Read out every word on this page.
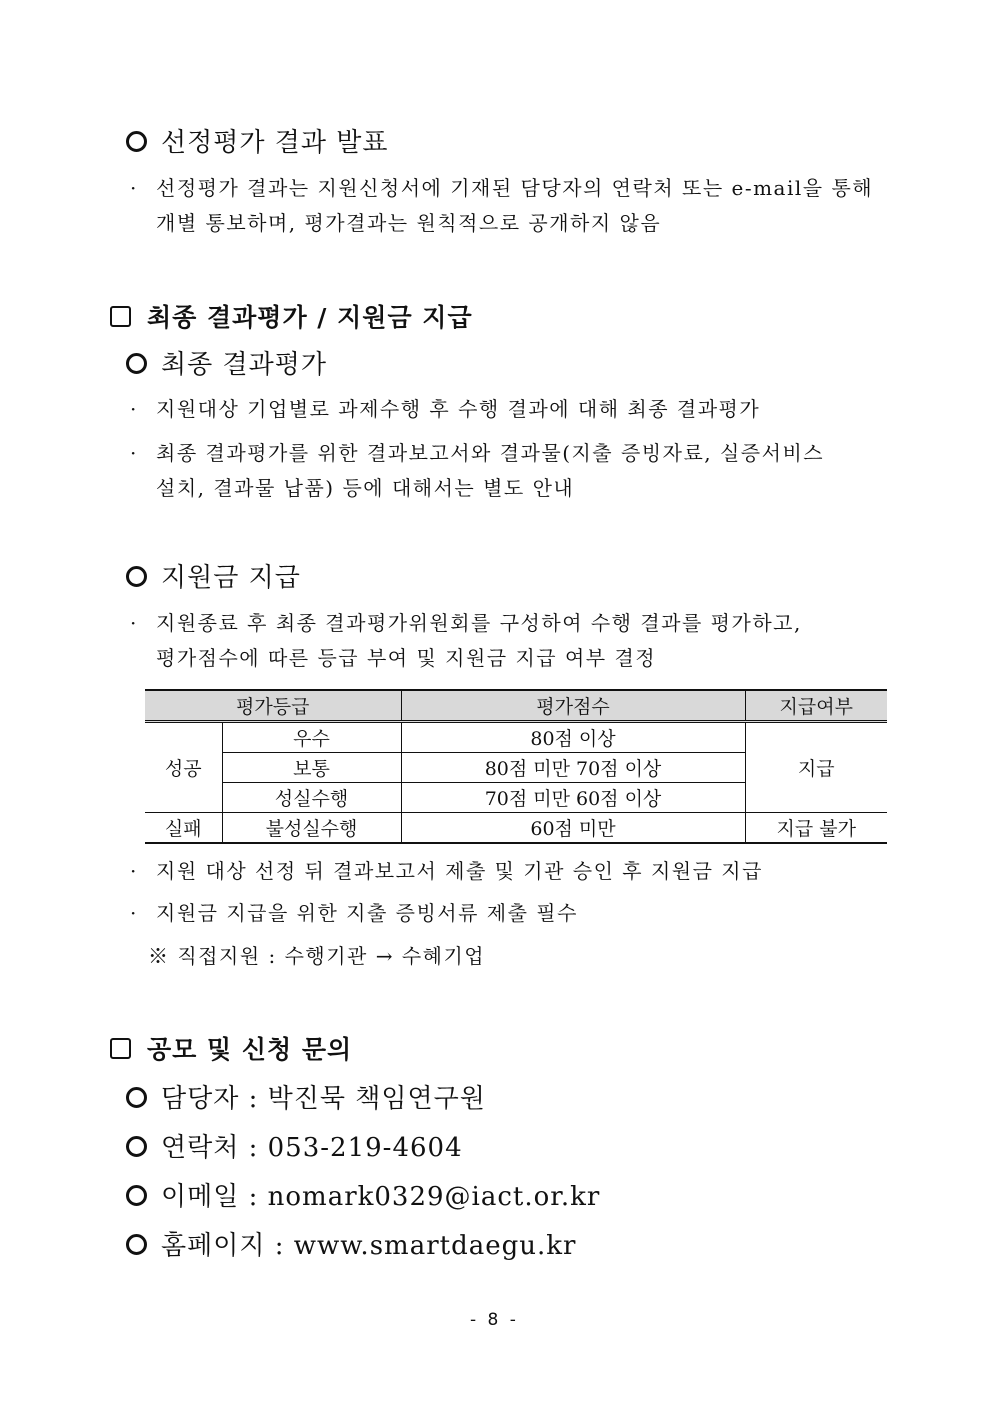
선정평가 결과 발표
· 선정평가 결과는 지원신청서에 기재된 담당자의 연락처 또는 e-mail을 통해
개별 통보하며, 평가결과는 원칙적으로 공개하지 않음
최종 결과평가 / 지원금 지급
최종 결과평가
· 지원대상 기업별로 과제수행 후 수행 결과에 대해 최종 결과평가
· 최종 결과평가를 위한 결과보고서와 결과물(지출 증빙자료, 실증서비스
설치, 결과물 납품) 등에 대해서는 별도 안내
지원금 지급
· 지원종료 후 최종 결과평가위원회를 구성하여 수행 결과를 평가하고,
평가점수에 따른 등급 부여 및 지원금 지급 여부 결정
평가등급		평가점수	지급여부
성공	우수	80점 이상	지급
	보통	80점 미만 70점 이상	
	성실수행	70점 미만 60점 이상	
실패	불성실수행	60점 미만	지급 불가
· 지원 대상 선정 뒤 결과보고서 제출 및 기관 승인 후 지원금 지급
· 지원금 지급을 위한 지출 증빙서류 제출 필수
※ 직접지원 : 수행기관 → 수혜기업
공모 및 신청 문의
담당자 : 박진묵 책임연구원
연락처 : 053-219-4604
이메일 : nomark0329@iact.or.kr
홈페이지 : www.smartdaegu.kr
- 8 -
